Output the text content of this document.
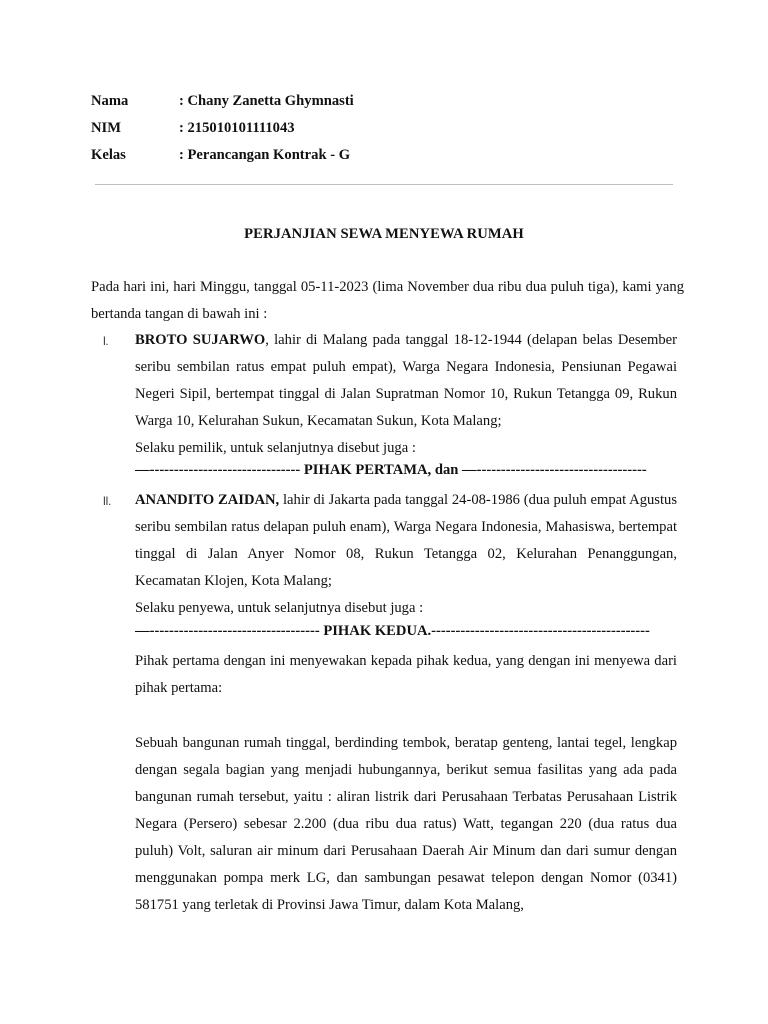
Nama	: Chany Zanetta Ghymnasti
NIM	: 215010101111043
Kelas	: Perancangan Kontrak - G
PERJANJIAN SEWA MENYEWA RUMAH
Pada hari ini, hari Minggu, tanggal 05-11-2023 (lima November dua ribu dua puluh tiga), kami yang bertanda tangan di bawah ini :
I. BROTO SUJARWO, lahir di Malang pada tanggal 18-12-1944 (delapan belas Desember seribu sembilan ratus empat puluh empat), Warga Negara Indonesia, Pensiunan Pegawai Negeri Sipil, bertempat tinggal di Jalan Supratman Nomor 10, Rukun Tetangga 09, Rukun Warga 10, Kelurahan Sukun, Kecamatan Sukun, Kota Malang;
Selaku pemilik, untuk selanjutnya disebut juga :
—------------------------------- PIHAK PERTAMA, dan —-----------------------------------
II. ANANDITO ZAIDAN, lahir di Jakarta pada tanggal 24-08-1986 (dua puluh empat Agustus seribu sembilan ratus delapan puluh enam), Warga Negara Indonesia, Mahasiswa, bertempat tinggal di Jalan Anyer Nomor 08, Rukun Tetangga 02, Kelurahan Penanggungan, Kecamatan Klojen, Kota Malang;
Selaku penyewa, untuk selanjutnya disebut juga :
—----------------------------------- PIHAK KEDUA.---------------------------------------------
Pihak pertama dengan ini menyewakan kepada pihak kedua, yang dengan ini menyewa dari pihak pertama:
Sebuah bangunan rumah tinggal, berdinding tembok, beratap genteng, lantai tegel, lengkap dengan segala bagian yang menjadi hubungannya, berikut semua fasilitas yang ada pada bangunan rumah tersebut, yaitu : aliran listrik dari Perusahaan Terbatas Perusahaan Listrik Negara (Persero) sebesar 2.200 (dua ribu dua ratus) Watt, tegangan 220 (dua ratus dua puluh) Volt, saluran air minum dari Perusahaan Daerah Air Minum dan dari sumur dengan menggunakan pompa merk LG, dan sambungan pesawat telepon dengan Nomor (0341) 581751 yang terletak di Provinsi Jawa Timur, dalam Kota Malang,
